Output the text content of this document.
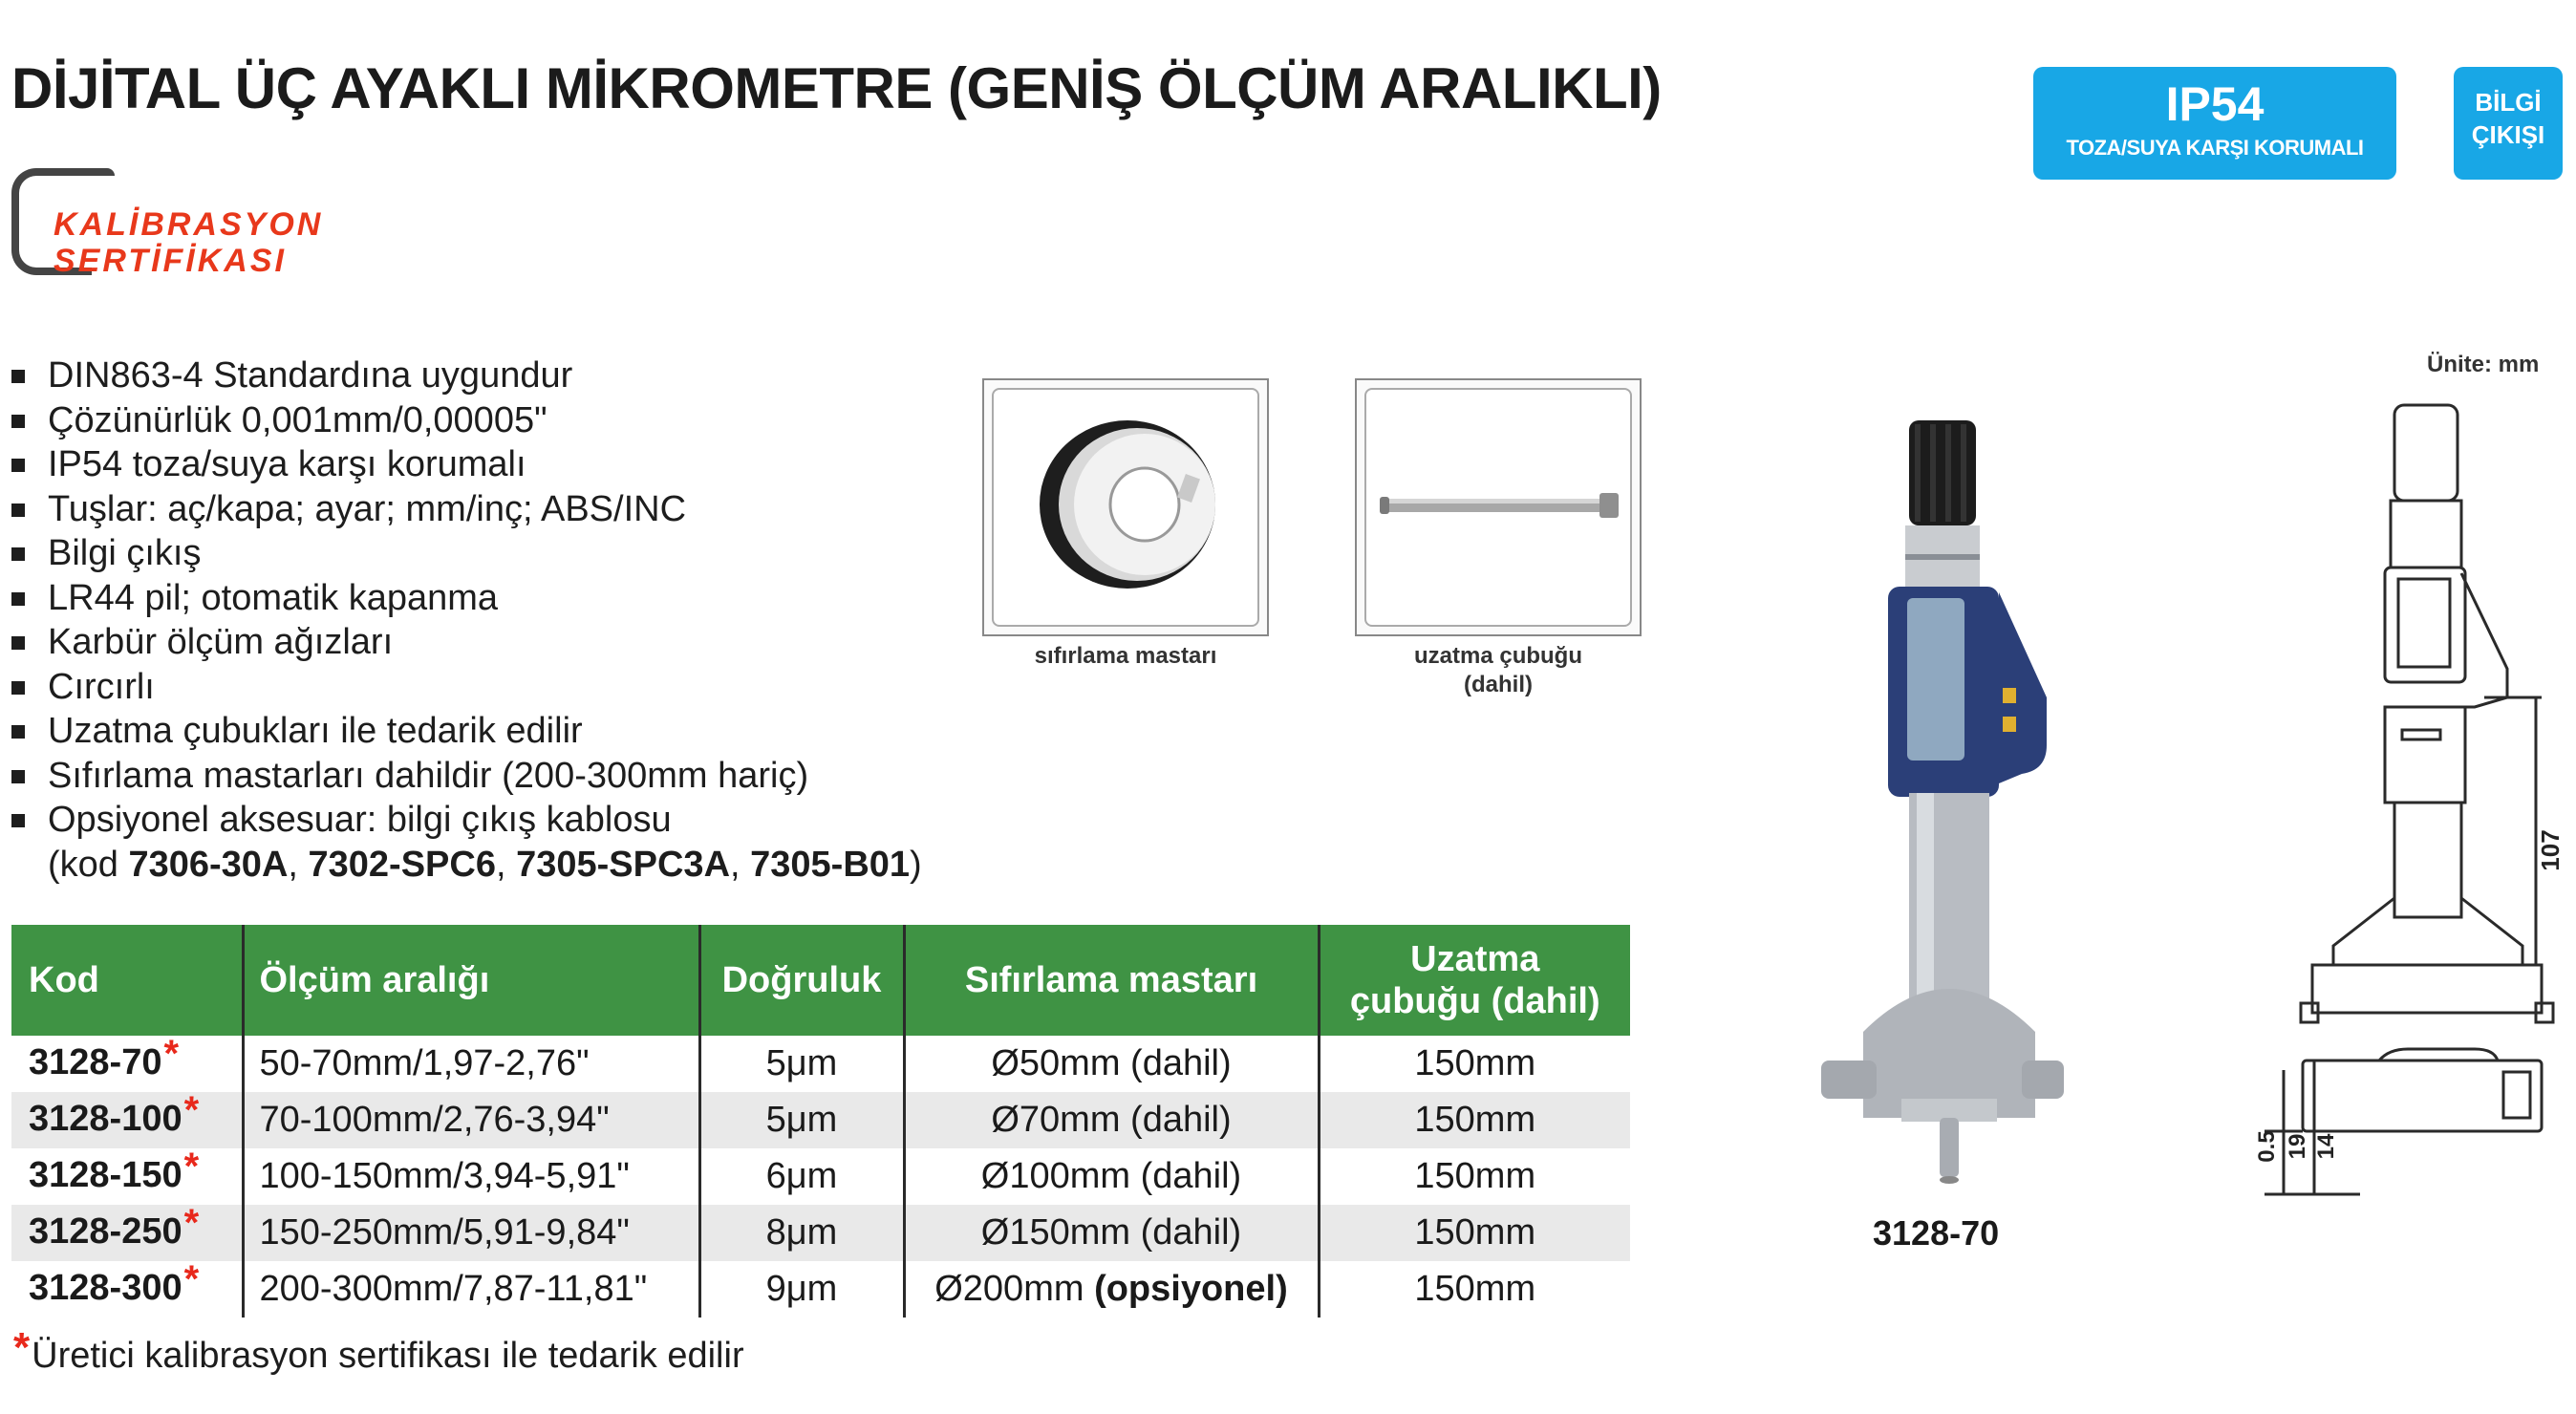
DİJİTAL ÜÇ AYAKLI MİKROMETRE (GENİŞ ÖLÇÜM ARALIKLI)	IP54
TOZA/SUYA KARŞI KORUMALI
BİLGİ
ÇIKIŞI
KALİBRASYON
SERTİFİKASI
DIN863-4 Standardına uygundur
Çözünürlük 0,001mm/0,00005"
IP54 toza/suya karşı korumalı
Tuşlar: aç/kapa; ayar; mm/inç; ABS/INC
Bilgi çıkış
LR44 pil; otomatik kapanma
Karbür ölçüm ağızları
Cırcırlı
Uzatma çubukları ile tedarik edilir
Sıfırlama mastarları dahildir (200-300mm hariç)
Opsiyonel aksesuar: bilgi çıkış kablosu
(kod 7306-30A, 7302-SPC6, 7305-SPC3A, 7305-B01)
sıfırlama mastarı	uzatma çubuğu
(dahil)
3128-70
Ünite: mm
107
0.5 19 14
Kod	Ölçüm aralığı	Doğruluk	Sıfırlama mastarı	Uzatma
çubuğu (dahil)

3128-70*	50-70mm/1,97-2,76"	5μm	Ø50mm (dahil)	150mm
3128-100*	70-100mm/2,76-3,94"	5μm	Ø70mm (dahil)	150mm
3128-150*	100-150mm/3,94-5,91"	6μm	Ø100mm (dahil)	150mm
3128-250*	150-250mm/5,91-9,84"	8μm	Ø150mm (dahil)	150mm
3128-300*	200-300mm/7,87-11,81"	9μm	Ø200mm (opsiyonel)	150mm
*Üretici kalibrasyon sertifikası ile tedarik edilir
